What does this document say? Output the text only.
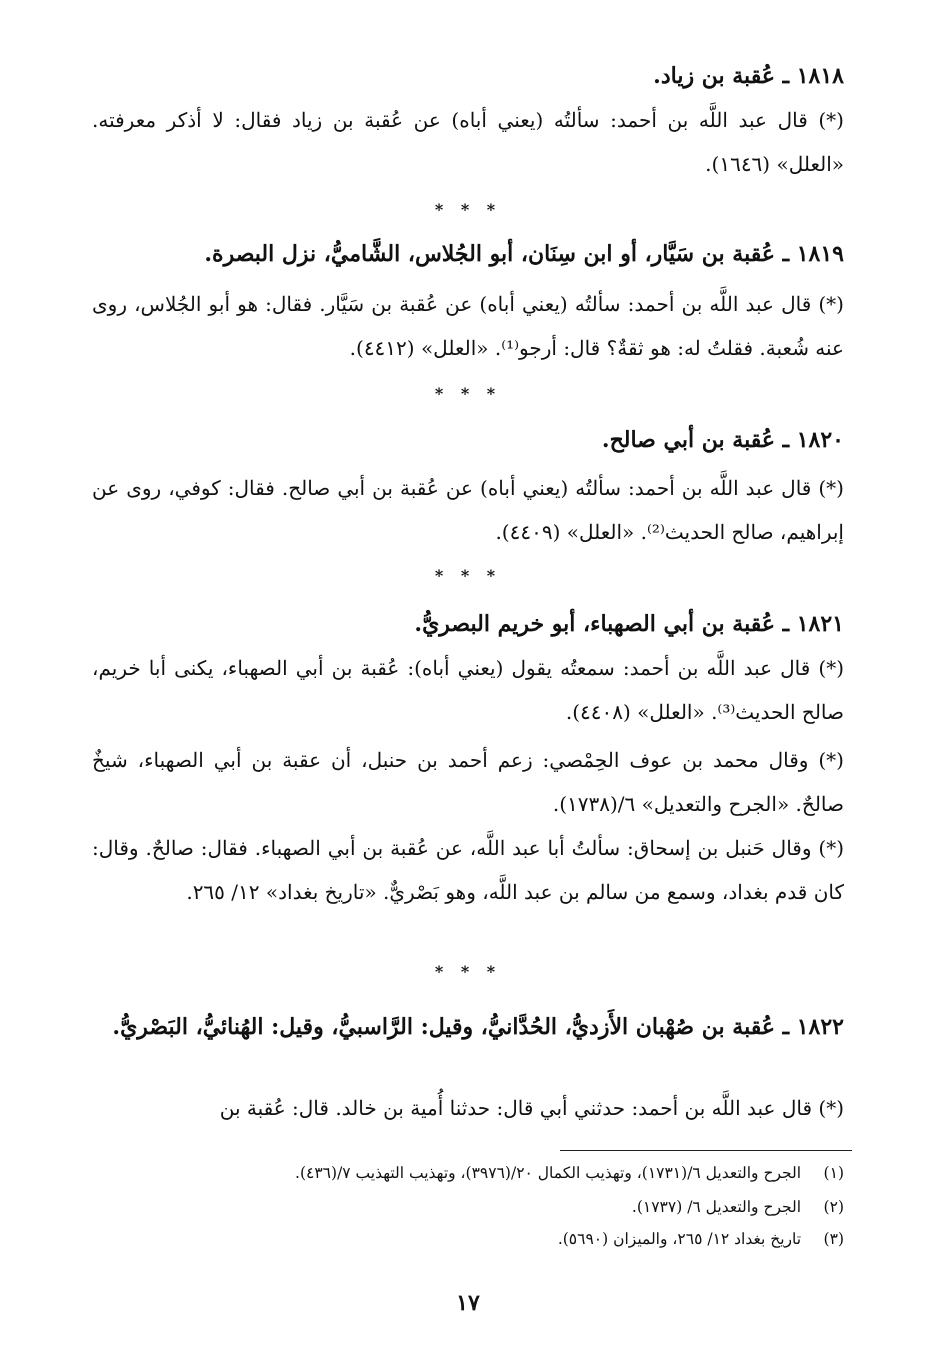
١٨١٨ ـ عُقبة بن زياد.
(*) قال عبد اللَّه بن أحمد: سألتُه (يعني أباه) عن عُقبة بن زياد فقال: لا أذكر معرفته. «العلل» (١٦٤٦).
* * *
١٨١٩ ـ عُقبة بن سَيَّار، أو ابن سِنَان، أبو الجُلاس، الشَّاميُّ، نزل البصرة.
(*) قال عبد اللَّه بن أحمد: سألتُه (يعني أباه) عن عُقبة بن سَيَّار. فقال: هو أبو الجُلاس، روى عنه شُعبة. فقلتُ له: هو ثقةٌ؟ قال: أرجو⁽¹⁾. «العلل» (٤٤١٢).
* * *
١٨٢٠ ـ عُقبة بن أبي صالح.
(*) قال عبد اللَّه بن أحمد: سألتُه (يعني أباه) عن عُقبة بن أبي صالح. فقال: كوفي، روى عن إبراهيم، صالح الحديث⁽²⁾. «العلل» (٤٤٠٩).
* * *
١٨٢١ ـ عُقبة بن أبي الصهباء، أبو خريم البصريُّ.
(*) قال عبد اللَّه بن أحمد: سمعتُه يقول (يعني أباه): عُقبة بن أبي الصهباء، يكنى أبا خريم، صالح الحديث⁽³⁾. «العلل» (٤٤٠٨).
(*) وقال محمد بن عوف الحِمْصي: زعم أحمد بن حنبل، أن عقبة بن أبي الصهباء، شيخٌ صالحٌ. «الجرح والتعديل» ٦/(١٧٣٨).
(*) وقال حَنبل بن إسحاق: سألتُ أبا عبد اللَّه، عن عُقبة بن أبي الصهباء. فقال: صالحٌ. وقال: كان قدم بغداد، وسمع من سالم بن عبد اللَّه، وهو بَصْريٌّ. «تاريخ بغداد» ١٢/ ٢٦٥.
* * *
١٨٢٢ ـ عُقبة بن صُهْبان الأَزديُّ، الحُدَّانيُّ، وقيل: الرَّاسبيُّ، وقيل: الهُنائيُّ، البَصْريُّ.
(*) قال عبد اللَّه بن أحمد: حدثني أبي قال: حدثنا أُمية بن خالد. قال: عُقبة بن
(١) الجرح والتعديل ٦/(١٧٣١)، وتهذيب الكمال ٢٠/(٣٩٧٦)، وتهذيب التهذيب ٧/(٤٣٦).
(٢) الجرح والتعديل ٦/ (١٧٣٧).
(٣) تاريخ بغداد ١٢/ ٢٦٥، والميزان (٥٦٩٠).
١٧
